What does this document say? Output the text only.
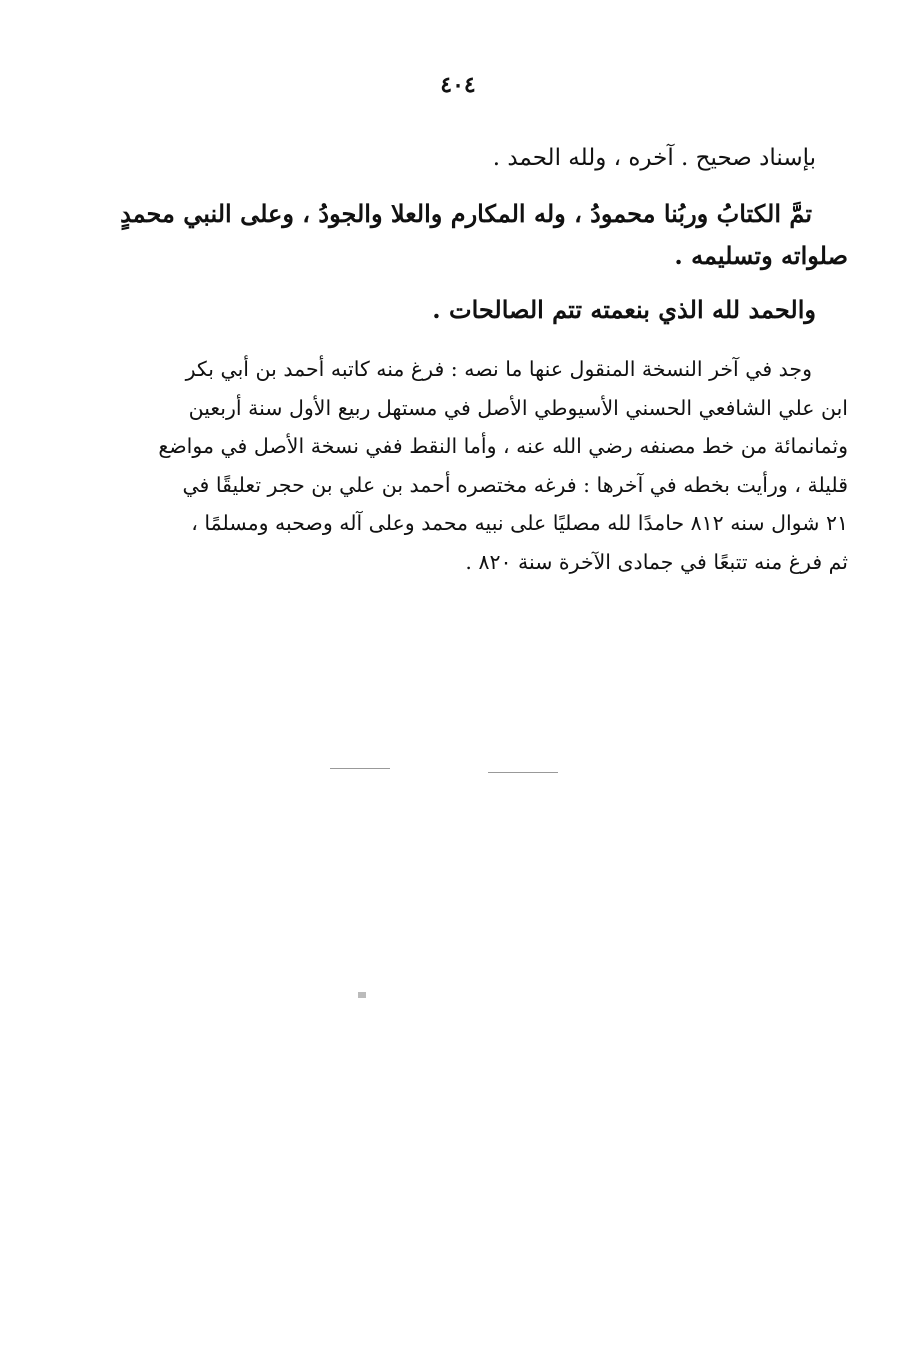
٤٠٤

بإسناد صحيح . آخره ، ولله الحمد .

تمَّ الكتابُ وربُنا محمودُ ، وله المكارم والعلا والجودُ ، وعلى النبي محمدٍ
صلواته وتسليمه .

والحمد لله الذي بنعمته تتم الصالحات .

وجد في آخر النسخة المنقول عنها ما نصه : فرغ منه كاتبه أحمد بن أبي بكر
ابن علي الشافعي الحسني الأسيوطي الأصل في مستهل ربيع الأول سنة أربعين
وثمانمائة من خط مصنفه رضي الله عنه ، وأما النقط ففي نسخة الأصل في مواضع
قليلة ، ورأيت بخطه في آخرها : فرغه مختصره أحمد بن علي بن حجر تعليقًا في
٢١ شوال سنه ٨١٢ حامدًا لله مصليًا على نبيه محمد وعلى آله وصحبه ومسلمًا ،
ثم فرغ منه تتبعًا في جمادى الآخرة سنة ٨٢٠ .
